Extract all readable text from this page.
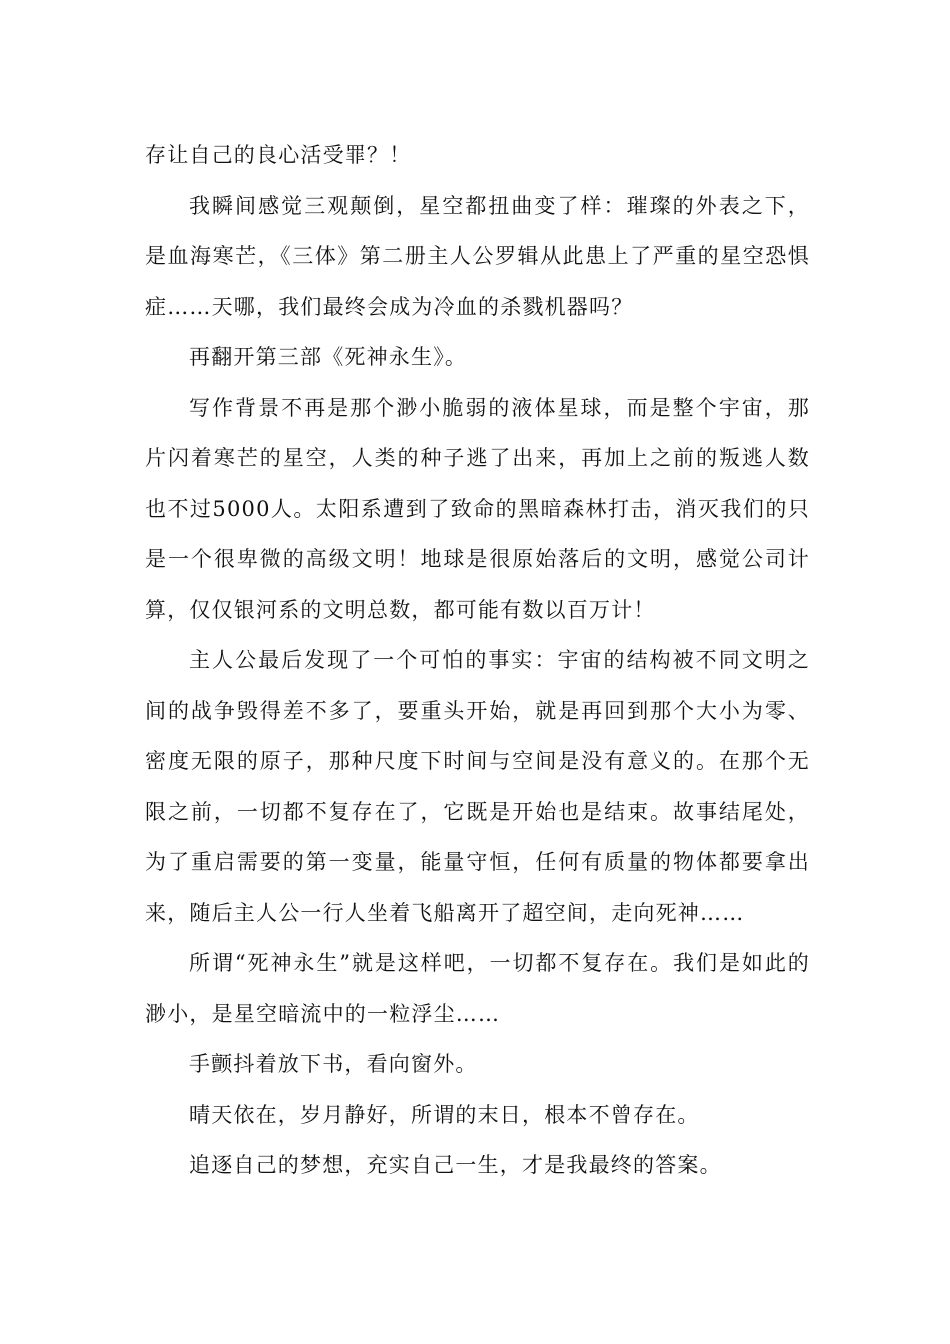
存让自己的良心活受罪？！

我瞬间感觉三观颠倒，星空都扭曲变了样：璀璨的外表之下，是血海寒芒，《三体》第二册主人公罗辑从此患上了严重的星空恐惧症……天哪，我们最终会成为冷血的杀戮机器吗？

再翻开第三部《死神永生》。

写作背景不再是那个渺小脆弱的液体星球，而是整个宇宙，那片闪着寒芒的星空，人类的种子逃了出来，再加上之前的叛逃人数也不过5000人。太阳系遭到了致命的黑暗森林打击，消灭我们的只是一个很卑微的高级文明！地球是很原始落后的文明，感觉公司计算，仅仅银河系的文明总数，都可能有数以百万计！

主人公最后发现了一个可怕的事实：宇宙的结构被不同文明之间的战争毁得差不多了，要重头开始，就是再回到那个大小为零、密度无限的原子，那种尺度下时间与空间是没有意义的。在那个无限之前，一切都不复存在了，它既是开始也是结束。故事结尾处，为了重启需要的第一变量，能量守恒，任何有质量的物体都要拿出来，随后主人公一行人坐着飞船离开了超空间，走向死神……

所谓“死神永生”就是这样吧，一切都不复存在。我们是如此的渺小，是星空暗流中的一粒浮尘……

手颤抖着放下书，看向窗外。

晴天依在，岁月静好，所谓的末日，根本不曾存在。

追逐自己的梦想，充实自己一生，才是我最终的答案。
